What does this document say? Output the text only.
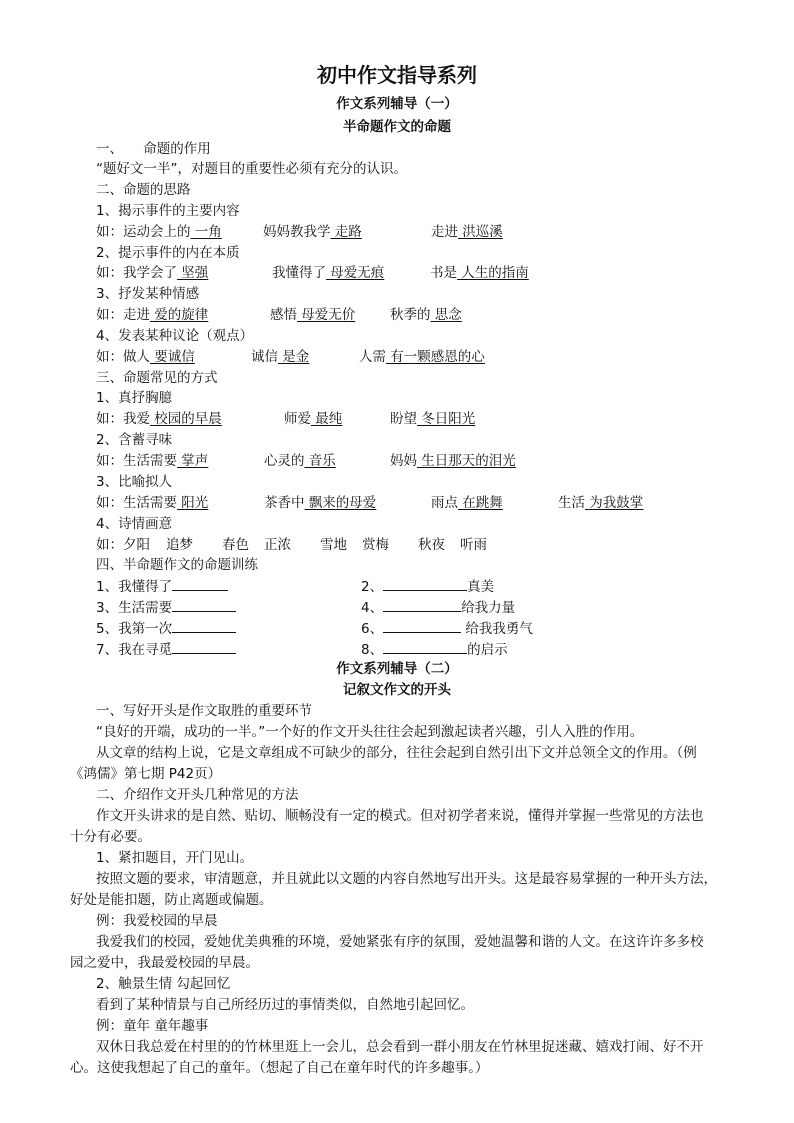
初中作文指导系列
作文系列辅导（一）
半命题作文的命题
一、　　命题的作用
“题好文一半”，对题目的重要性必须有充分的认识。
二、命题的思路
1、揭示事件的主要内容
如：运动会上的 一角	妈妈教我学 走路	走进 洪巡溪
2、提示事件的内在本质
如：我学会了 坚强	我懂得了 母爱无痕	书是 人生的指南
3、抒发某种情感
如：走进 爱的旋律	感悟 母爱无价	秋季的 思念
4、发表某种议论（观点）
如：做人 要诚信	诚信 是金	人需 有一颗感恩的心
三、命题常见的方式
1、真抒胸臆
如：我爱 校园的早晨	师爱 最纯	盼望 冬日阳光
2、含蓄寻味
如：生活需要 掌声	心灵的 音乐	妈妈 生日那天的泪光
3、比喻拟人
如：生活需要 阳光	茶香中 飘来的母爱	雨点 在跳舞	生活 为我鼓掌
4、诗情画意
如：夕阳 追梦 春色 正浓 雪地 赏梅 秋夜 听雨
四、半命题作文的命题训练
1、我懂得了	2、	真美
3、生活需要	4、	给我力量
5、我第一次	6、	给我我勇气
7、我在寻觅	8、	的启示
作文系列辅导（二）
记叙文作文的开头
一、写好开头是作文取胜的重要环节
“良好的开端，成功的一半。”一个好的作文开头往往会起到激起读者兴趣，引人入胜的作用。
从文章的结构上说，它是文章组成不可缺少的部分，往往会起到自然引出下文并总领全文的作用。（例
《鸿儒》第七期 P42页）
二、介绍作文开头几种常见的方法
作文开头讲求的是自然、贴切、顺畅没有一定的模式。但对初学者来说，懂得并掌握一些常见的方法也
十分有必要。
1、紧扣题目，开门见山。
按照文题的要求，审清题意，并且就此以文题的内容自然地写出开头。这是最容易掌握的一种开头方法，
好处是能扣题，防止离题或偏题。
例：我爱校园的早晨
我爱我们的校园，爱她优美典雅的环境，爱她紧张有序的氛围，爱她温馨和谐的人文。在这许许多多校
园之爱中，我最爱校园的早晨。
2、触景生情 勾起回忆
看到了某种情景与自己所经历过的事情类似，自然地引起回忆。
例：童年 童年趣事
双休日我总爱在村里的的竹林里逛上一会儿，总会看到一群小朋友在竹林里捉迷藏、嬉戏打闹、好不开
心。这使我想起了自己的童年。（想起了自己在童年时代的许多趣事。）
